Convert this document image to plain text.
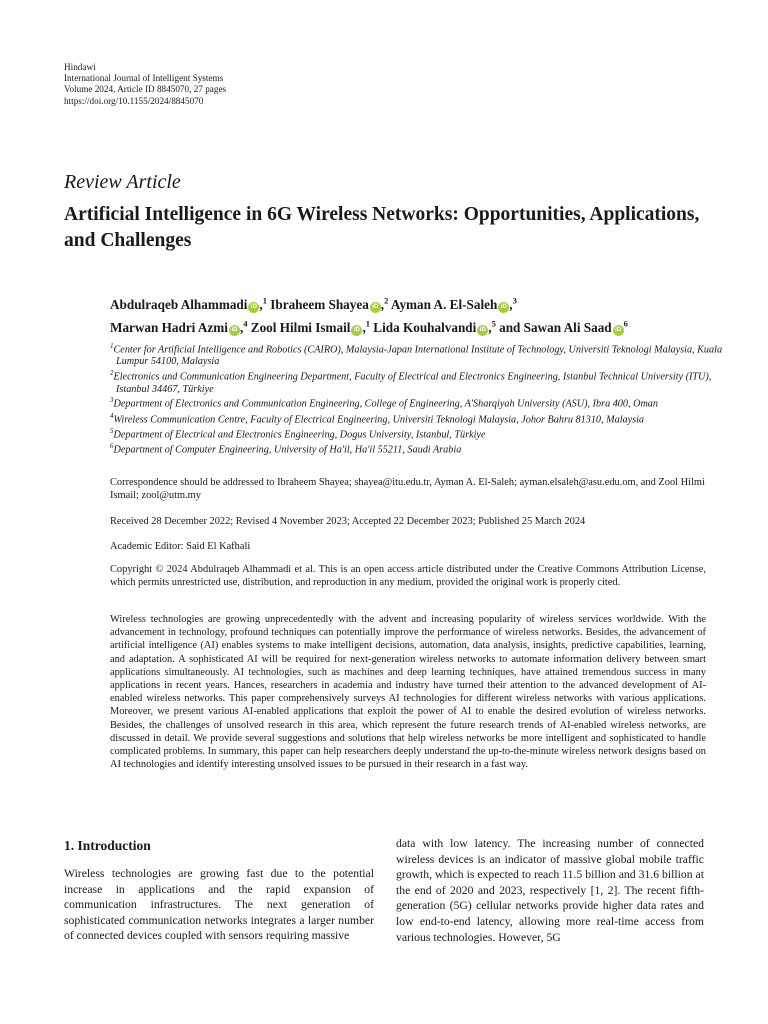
Hindawi
International Journal of Intelligent Systems
Volume 2024, Article ID 8845070, 27 pages
https://doi.org/10.1155/2024/8845070
Review Article
Artificial Intelligence in 6G Wireless Networks: Opportunities, Applications, and Challenges
Abdulraqeb Alhammadi iD ,$^1$ Ibraheem Shayea iD ,$^2$ Ayman A. El-Saleh iD ,$^3$
Marwan Hadri Azmi iD ,$^4$ Zool Hilmi Ismail iD ,$^1$ Lida Kouhalvandi iD ,$^5$ and Sawan Ali Saad $iD^6$
$^1$Center for Artificial Intelligence and Robotics (CAIRO), Malaysia-Japan International Institute of Technology, Universiti Teknologi Malaysia, Kuala Lumpur 54100, Malaysia
$^2$Electronics and Communication Engineering Department, Faculty of Electrical and Electronics Engineering, Istanbul Technical University (ITU), Istanbul 34467, Türkiye
$^3$Department of Electronics and Communication Engineering, College of Engineering, A'Sharqiyah University (ASU), Ibra 400, Oman
$^4$Wireless Communication Centre, Faculty of Electrical Engineering, Universiti Teknologi Malaysia, Johor Bahru 81310, Malaysia
$^5$Department of Electrical and Electronics Engineering, Dogus University, Istanbul, Türkiye
$^6$Department of Computer Engineering, University of Ha'il, Ha'il 55211, Saudi Arabia
Correspondence should be addressed to Ibraheem Shayea; shayea@itu.edu.tr, Ayman A. El-Saleh; ayman.elsaleh@asu.edu.om, and Zool Hilmi Ismail; zool@utm.my
Received 28 December 2022; Revised 4 November 2023; Accepted 22 December 2023; Published 25 March 2024
Academic Editor: Said El Kafhali
Copyright © 2024 Abdulraqeb Alhammadi et al. This is an open access article distributed under the Creative Commons Attribution License, which permits unrestricted use, distribution, and reproduction in any medium, provided the original work is properly cited.
Wireless technologies are growing unprecedentedly with the advent and increasing popularity of wireless services worldwide. With the advancement in technology, profound techniques can potentially improve the performance of wireless networks. Besides, the advancement of artificial intelligence (AI) enables systems to make intelligent decisions, automation, data analysis, insights, predictive capabilities, learning, and adaptation. A sophisticated AI will be required for next-generation wireless networks to automate information delivery between smart applications simultaneously. AI technologies, such as machines and deep learning techniques, have attained tremendous success in many applications in recent years. Hances, researchers in academia and industry have turned their attention to the advanced development of AI-enabled wireless networks. This paper comprehensively surveys AI technologies for different wireless networks with various applications. Moreover, we present various AI-enabled applications that exploit the power of AI to enable the desired evolution of wireless networks. Besides, the challenges of unsolved research in this area, which represent the future research trends of AI-enabled wireless networks, are discussed in detail. We provide several suggestions and solutions that help wireless networks be more intelligent and sophisticated to handle complicated problems. In summary, this paper can help researchers deeply understand the up-to-the-minute wireless network designs based on AI technologies and identify interesting unsolved issues to be pursued in their research in a fast way.
1. Introduction
Wireless technologies are growing fast due to the potential increase in applications and the rapid expansion of communication infrastructures. The next generation of sophisticated communication networks integrates a larger number of connected devices coupled with sensors requiring massive
data with low latency. The increasing number of connected wireless devices is an indicator of massive global mobile traffic growth, which is expected to reach 11.5 billion and 31.6 billion at the end of 2020 and 2023, respectively [1, 2]. The recent fifth-generation (5G) cellular networks provide higher data rates and low end-to-end latency, allowing more real-time access from various technologies. However, 5G
